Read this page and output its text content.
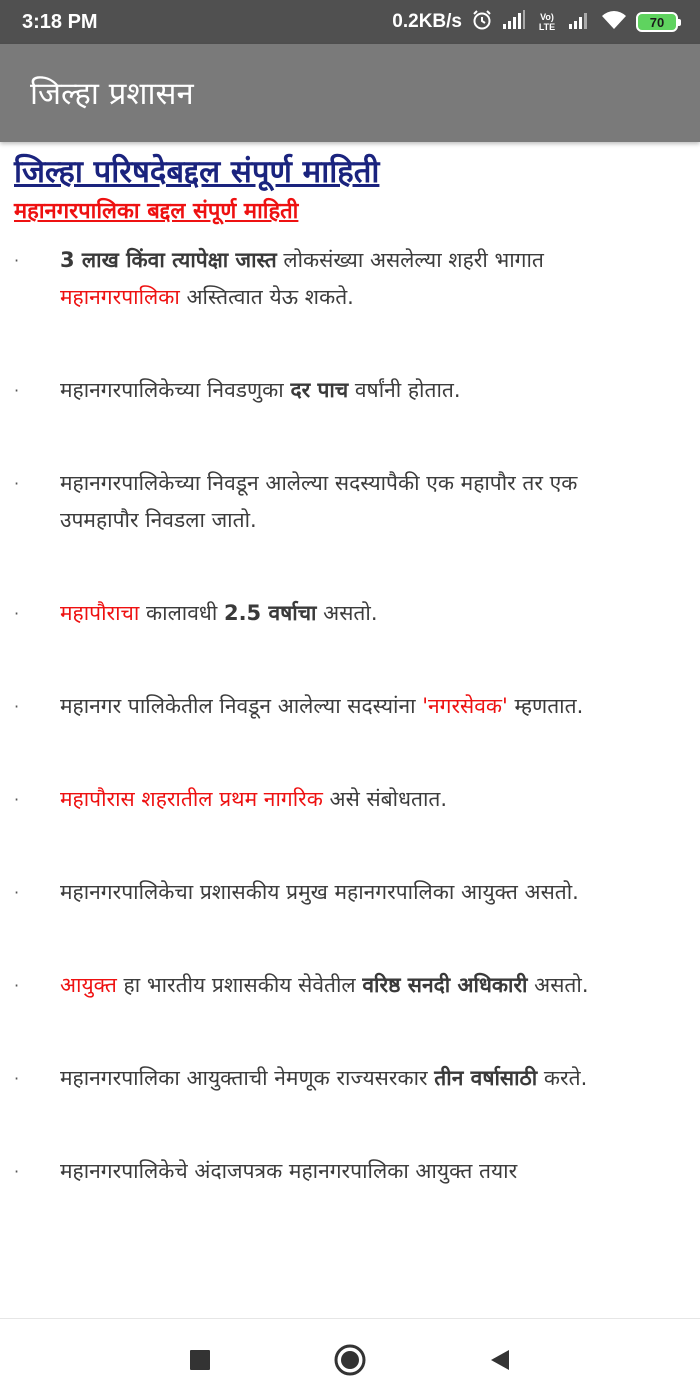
3:18 PM	0.2KB/s	Vo) LTE	70
जिल्हा प्रशासन
जिल्हा परिषदेबद्दल संपूर्ण माहिती
महानगरपालिका बद्दल संपूर्ण माहिती
· 3 लाख किंवा त्यापेक्षा जास्त लोकसंख्या असलेल्या शहरी भागात महानगरपालिका अस्तित्वात येऊ शकते.
· महानगरपालिकेच्या निवडणुका दर पाच वर्षांनी होतात.
· महानगरपालिकेच्या निवडून आलेल्या सदस्यापैकी एक महापौर तर एक उपमहापौर निवडला जातो.
· महापौराचा कालावधी 2.5 वर्षाचा असतो.
· महानगर पालिकेतील निवडून आलेल्या सदस्यांना 'नगरसेवक' म्हणतात.
· महापौरास शहरातील प्रथम नागरिक असे संबोधतात.
· महानगरपालिकेचा प्रशासकीय प्रमुख महानगरपालिका आयुक्त असतो.
· आयुक्त हा भारतीय प्रशासकीय सेवेतील वरिष्ठ सनदी अधिकारी असतो.
· महानगरपालिका आयुक्ताची नेमणूक राज्यसरकार तीन वर्षासाठी करते.
· महानगरपालिकेचे अंदाजपत्रक महानगरपालिका आयुक्त तयार
